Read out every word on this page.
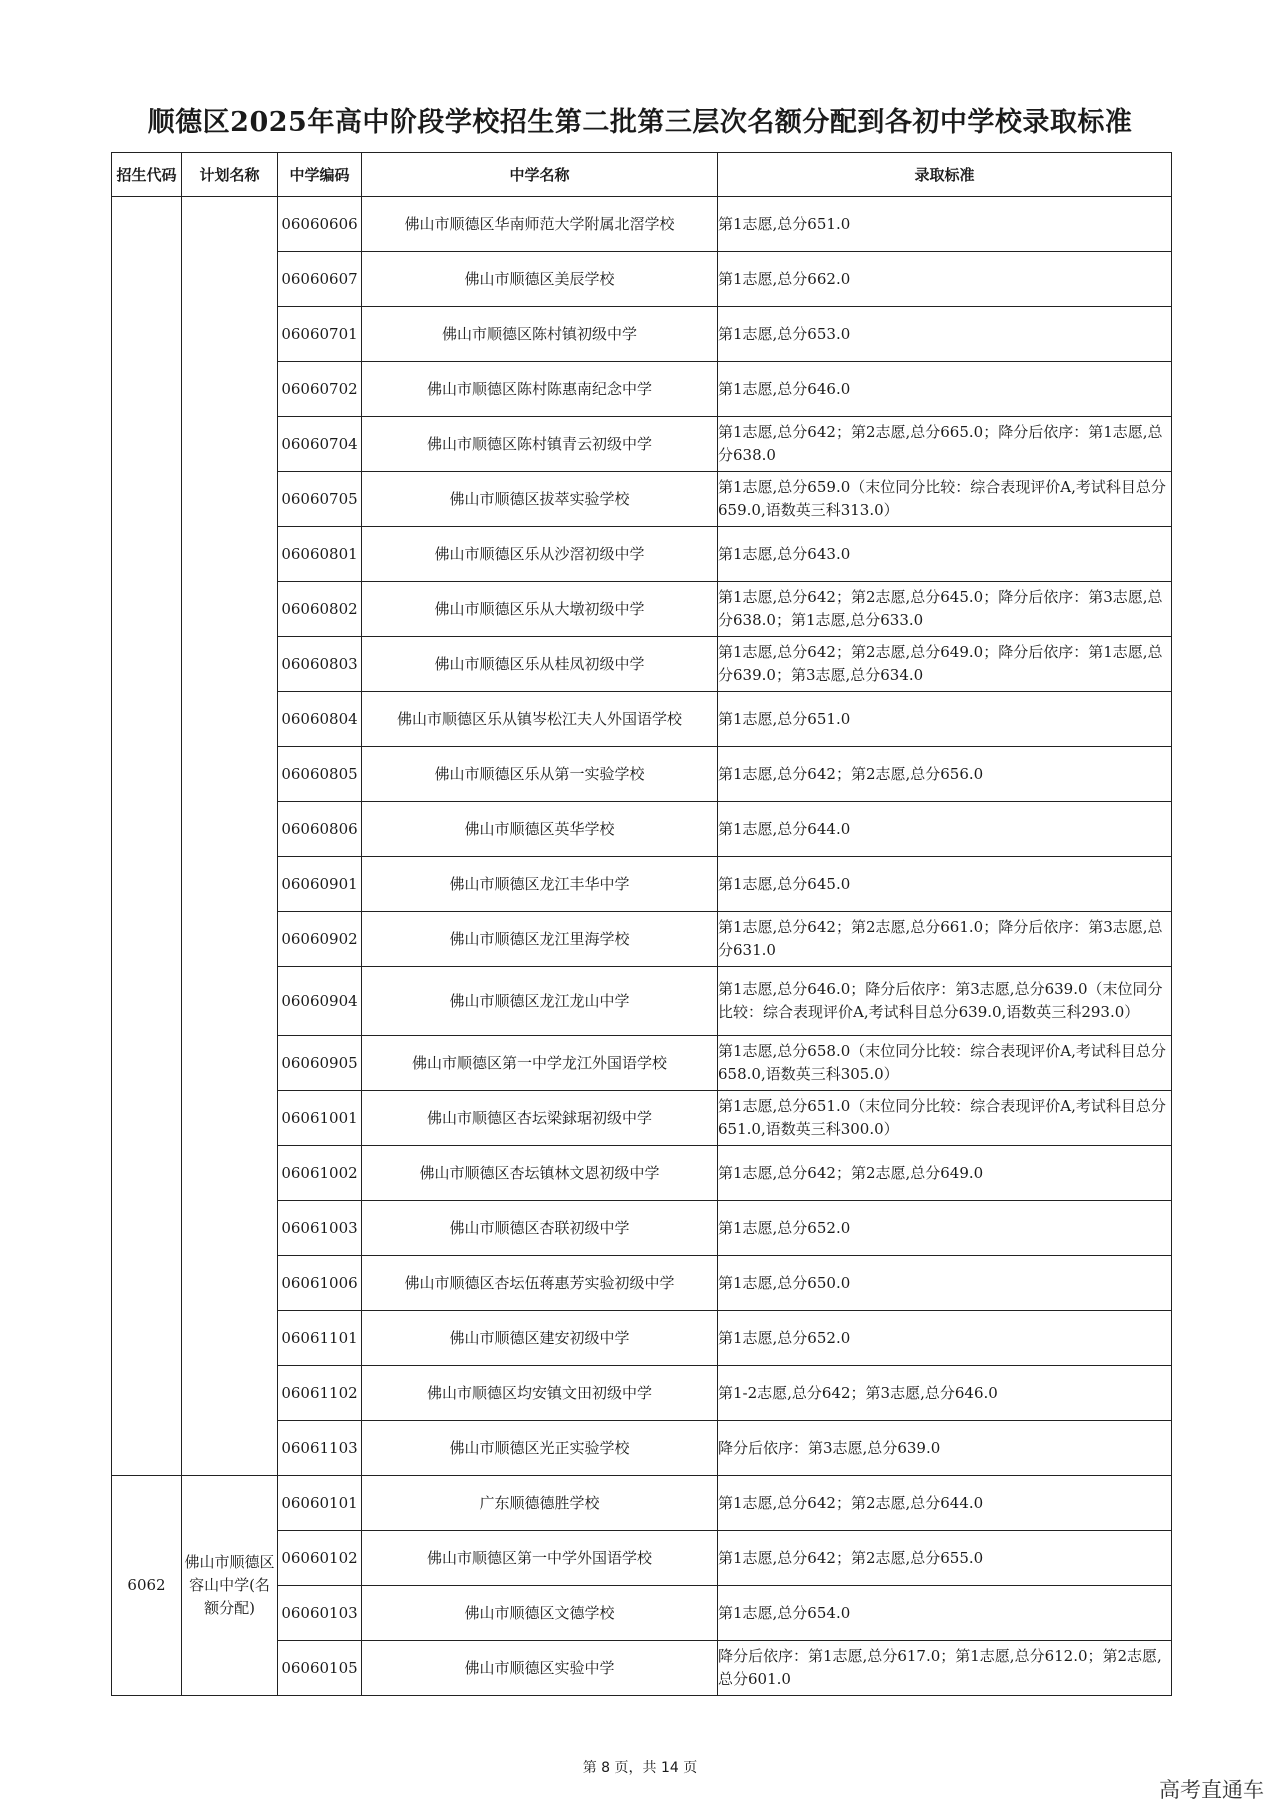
顺德区2025年高中阶段学校招生第二批第三层次名额分配到各初中学校录取标准
招生代码	计划名称	中学编码	中学名称	录取标准
		06060606	佛山市顺德区华南师范大学附属北滘学校	第1志愿,总分651.0
		06060607	佛山市顺德区美辰学校	第1志愿,总分662.0
		06060701	佛山市顺德区陈村镇初级中学	第1志愿,总分653.0
		06060702	佛山市顺德区陈村陈惠南纪念中学	第1志愿,总分646.0
		06060704	佛山市顺德区陈村镇青云初级中学	第1志愿,总分642；第2志愿,总分665.0；降分后依序：第1志愿,总分638.0
		06060705	佛山市顺德区拔萃实验学校	第1志愿,总分659.0（末位同分比较：综合表现评价A,考试科目总分659.0,语数英三科313.0）
		06060801	佛山市顺德区乐从沙滘初级中学	第1志愿,总分643.0
		06060802	佛山市顺德区乐从大墩初级中学	第1志愿,总分642；第2志愿,总分645.0；降分后依序：第3志愿,总分638.0；第1志愿,总分633.0
		06060803	佛山市顺德区乐从桂凤初级中学	第1志愿,总分642；第2志愿,总分649.0；降分后依序：第1志愿,总分639.0；第3志愿,总分634.0
		06060804	佛山市顺德区乐从镇岑松江夫人外国语学校	第1志愿,总分651.0
		06060805	佛山市顺德区乐从第一实验学校	第1志愿,总分642；第2志愿,总分656.0
		06060806	佛山市顺德区英华学校	第1志愿,总分644.0
		06060901	佛山市顺德区龙江丰华中学	第1志愿,总分645.0
		06060902	佛山市顺德区龙江里海学校	第1志愿,总分642；第2志愿,总分661.0；降分后依序：第3志愿,总分631.0
		06060904	佛山市顺德区龙江龙山中学	第1志愿,总分646.0；降分后依序：第3志愿,总分639.0（末位同分比较：综合表现评价A,考试科目总分639.0,语数英三科293.0）
		06060905	佛山市顺德区第一中学龙江外国语学校	第1志愿,总分658.0（末位同分比较：综合表现评价A,考试科目总分658.0,语数英三科305.0）
		06061001	佛山市顺德区杏坛梁銶琚初级中学	第1志愿,总分651.0（末位同分比较：综合表现评价A,考试科目总分651.0,语数英三科300.0）
		06061002	佛山市顺德区杏坛镇林文恩初级中学	第1志愿,总分642；第2志愿,总分649.0
		06061003	佛山市顺德区杏联初级中学	第1志愿,总分652.0
		06061006	佛山市顺德区杏坛伍蒋惠芳实验初级中学	第1志愿,总分650.0
		06061101	佛山市顺德区建安初级中学	第1志愿,总分652.0
		06061102	佛山市顺德区均安镇文田初级中学	第1-2志愿,总分642；第3志愿,总分646.0
		06061103	佛山市顺德区光正实验学校	降分后依序：第3志愿,总分639.0
6062	佛山市顺德区容山中学(名额分配)	06060101	广东顺德德胜学校	第1志愿,总分642；第2志愿,总分644.0
		06060102	佛山市顺德区第一中学外国语学校	第1志愿,总分642；第2志愿,总分655.0
		06060103	佛山市顺德区文德学校	第1志愿,总分654.0
		06060105	佛山市顺德区实验中学	降分后依序：第1志愿,总分617.0；第1志愿,总分612.0；第2志愿,总分601.0
第 8 页，共 14 页
高考直通车
